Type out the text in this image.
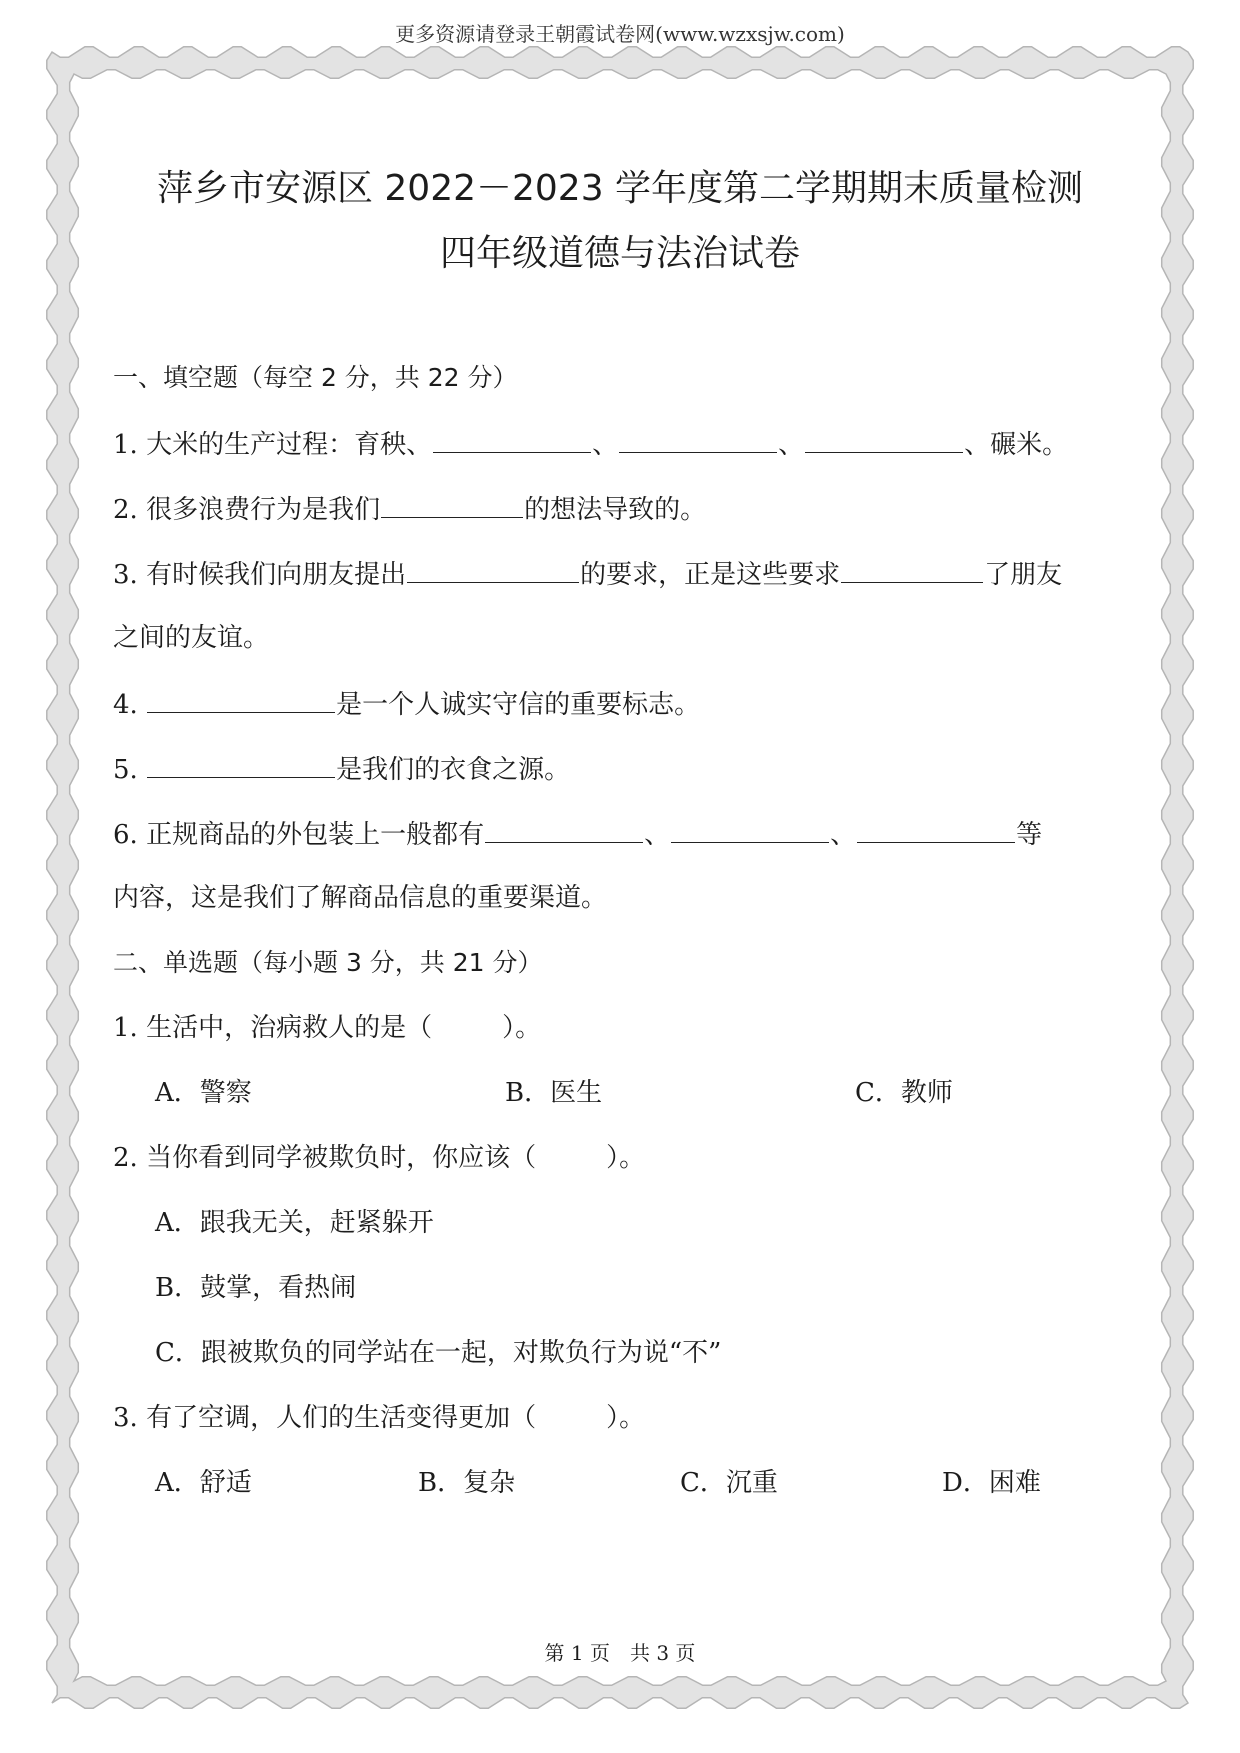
更多资源请登录王朝霞试卷网(www.wzxsjw.com)
萍乡市安源区 2022－2023 学年度第二学期期末质量检测
四年级道德与法治试卷
一、填空题（每空 2 分，共 22 分）
1. 大米的生产过程：育秧、	、	、	、碾米。
2. 很多浪费行为是我们	的想法导致的。
3. 有时候我们向朋友提出	的要求，正是这些要求	了朋友
之间的友谊。
4.	是一个人诚实守信的重要标志。
5.	是我们的衣食之源。
6. 正规商品的外包装上一般都有	、	、	等
内容，这是我们了解商品信息的重要渠道。
二、单选题（每小题 3 分，共 21 分）
1. 生活中，治病救人的是（	）。
A．警察	B．医生	C．教师
2. 当你看到同学被欺负时，你应该（	）。
A．跟我无关，赶紧躲开
B．鼓掌，看热闹
C．跟被欺负的同学站在一起，对欺负行为说“不”
3. 有了空调，人们的生活变得更加（	）。
A．舒适	B．复杂	C．沉重	D．困难
第 1 页　共 3 页
